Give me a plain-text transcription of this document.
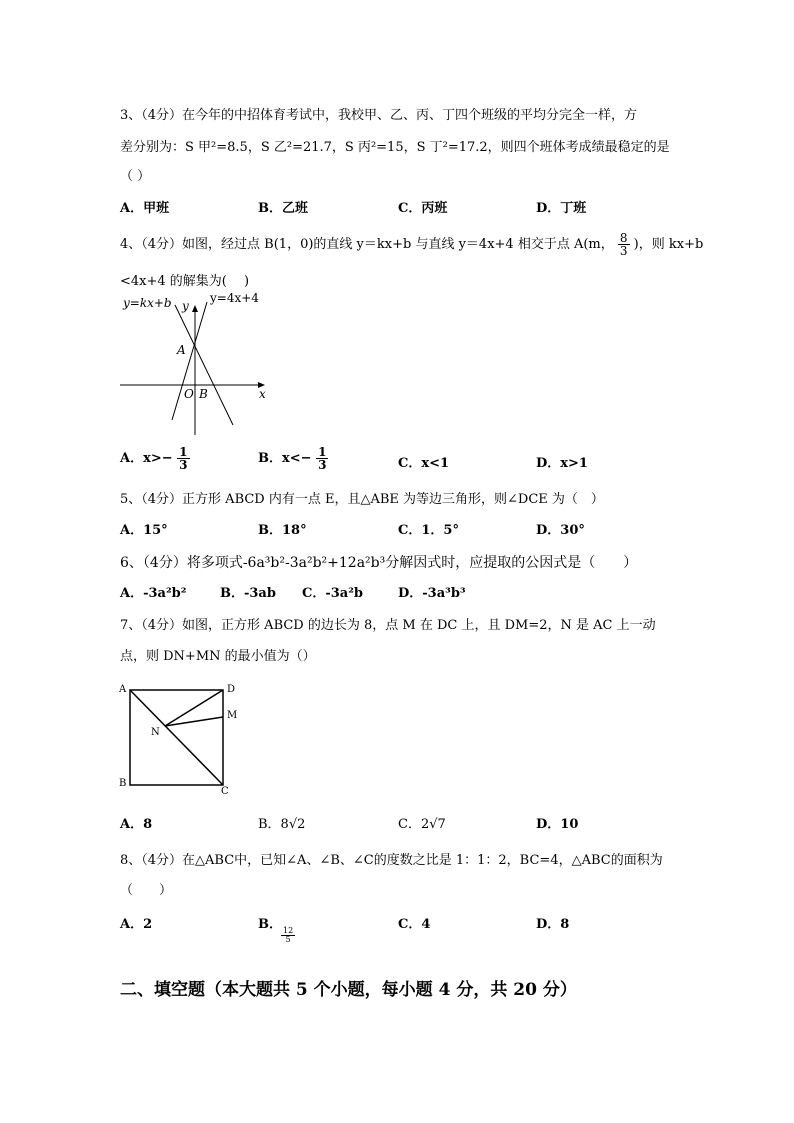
3、（4分）在今年的中招体育考试中，我校甲、乙、丙、丁四个班级的平均分完全一样，方
差分别为：S 甲²=8.5，S 乙²=21.7，S 丙²=15，S 丁²=17.2，则四个班体考成绩最稳定的是
（ ）
A．甲班	B．乙班	C．丙班	D．丁班
4、（4分）如图，经过点 B(1，0)的直线 y＝kx+b 与直线 y＝4x+4 相交于点 A(m， $\frac{8}{3}$ )，则 kx+b
<4x+4 的解集为(　 )
y=kx+b	y=4x+4
y
x
A
O B
A．$x>- \frac{1}{3}$	B．$x<- \frac{1}{3}$	C．x<1	D．x>1
5、（4分）正方形 ABCD 内有一点 E，且△ABE 为等边三角形，则∠DCE 为（　）
A．15°	B．18°	C．1．5°	D．30°
6、（4分）将多项式-6a³b²-3a²b²+12a²b³分解因式时，应提取的公因式是（　　）
A．-3a²b²	B．-3ab C．-3a²b	D．-3a³b³
7、（4分）如图，正方形 ABCD 的边长为 8，点 M 在 DC 上，且 DM=2，N 是 AC 上一动
点，则 DN+MN 的最小值为（）
A	D
M
N
B
C
A．8	B．8√2	C．2√7	D．10
8、（4分）在△ABC中，已知∠A、∠B、∠C的度数之比是 1：1：2，BC=4，△ABC的面积为
（　　）
A．2	B．
$\frac{12}{5}$
C．4	D．8
二、填空题（本大题共 5 个小题，每小题 4 分，共 20 分）
